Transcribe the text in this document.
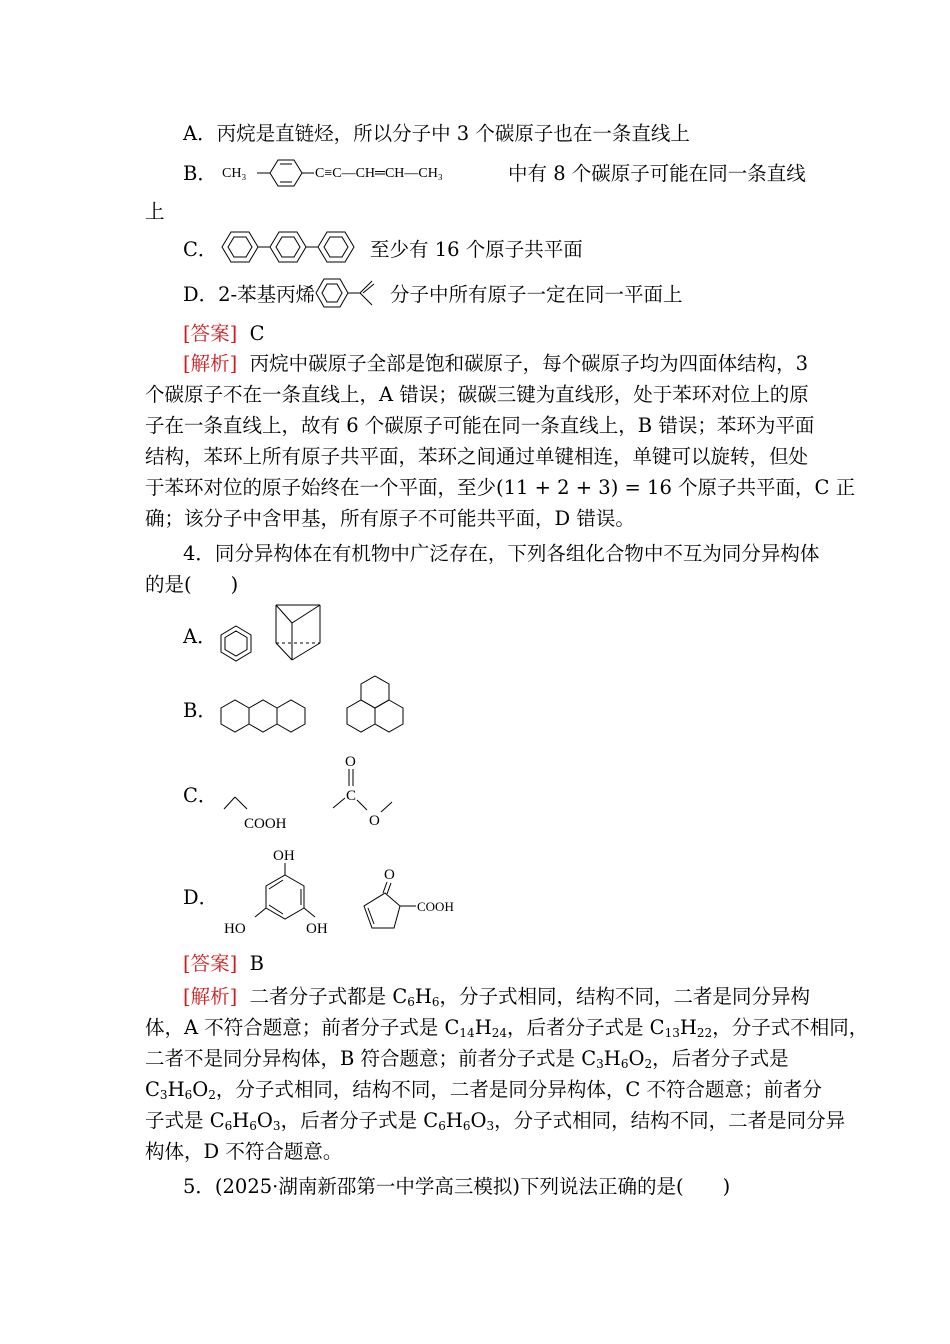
A．丙烷是直链烃，所以分子中 3 个碳原子也在一条直线上
B． CH₃	C≡C—CH═CH—CH₃	中有 8 个碳原子可能在同一条直线
上
C．	至少有 16 个原子共平面
D．2-苯基丙烯	分子中所有原子一定在同一平面上
[答案] C
[解析] 丙烷中碳原子全部是饱和碳原子，每个碳原子均为四面体结构，3
个碳原子不在一条直线上，A 错误；碳碳三键为直线形，处于苯环对位上的原
子在一条直线上，故有 6 个碳原子可能在同一条直线上，B 错误；苯环为平面
结构，苯环上所有原子共平面，苯环之间通过单键相连，单键可以旋转，但处
于苯环对位的原子始终在一个平面，至少(11 + 2 + 3) = 16 个原子共平面，C 正
确；该分子中含甲基，所有原子不可能共平面，D 错误。
4．同分异构体在有机物中广泛存在，下列各组化合物中不互为同分异构体
的是(　　)
A．
B．
C．
COOH
O
C
O
D．
OH
HO	OH
O
COOH
[答案] B
[解析] 二者分子式都是 $C_6H_6$，分子式相同，结构不同，二者是同分异构
体，A 不符合题意；前者分子式是 $C_{14}H_{24}$，后者分子式是 $C_{13}H_{22}$，分子式不相同，
二者不是同分异构体，B 符合题意；前者分子式是 $C_3H_6O_2$，后者分子式是
$C_3H_6O_2$，分子式相同，结构不同，二者是同分异构体，C 不符合题意；前者分
子式是 $C_6H_6O_3$，后者分子式是 $C_6H_6O_3$，分子式相同，结构不同，二者是同分异
构体，D 不符合题意。
5．(2025·湖南新邵第一中学高三模拟)下列说法正确的是(　　)
